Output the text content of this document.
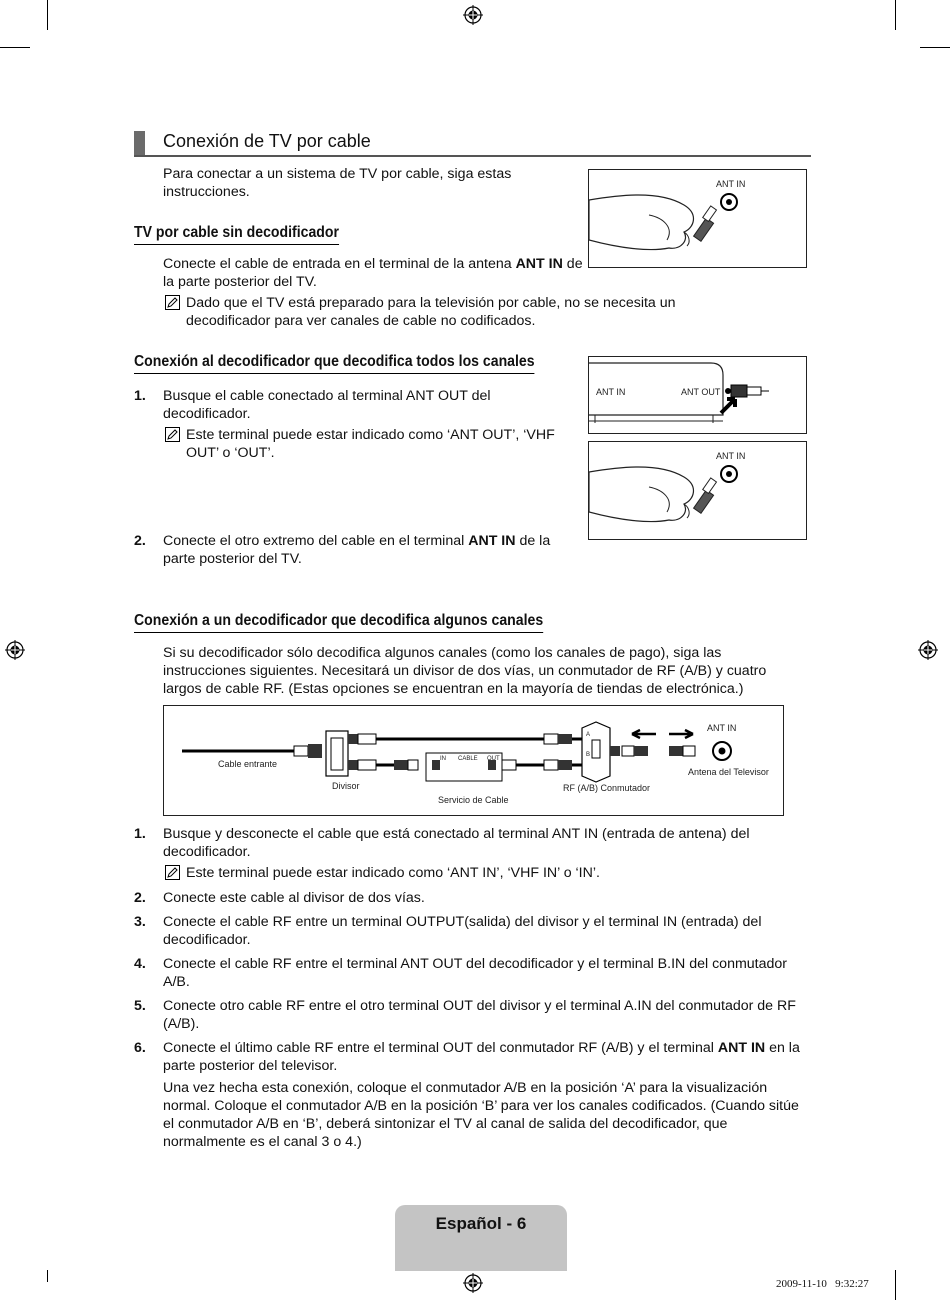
Conexión de TV por cable
Para conectar a un sistema de TV por cable, siga estas instrucciones.
TV por cable sin decodificador
Conecte el cable de entrada en el terminal de la antena ANT IN de la parte posterior del TV.
Dado que el TV está preparado para la televisión por cable, no se necesita un decodificador para ver canales de cable no codificados.
ANT IN
Conexión al decodificador que decodifica todos los canales
1. Busque el cable conectado al terminal ANT OUT del decodificador.
Este terminal puede estar indicado como ‘ANT OUT’, ‘VHF OUT’ o ‘OUT’.
2. Conecte el otro extremo del cable en el terminal ANT IN de la parte posterior del TV.
ANT IN	ANT OUT
ANT IN
Conexión a un decodificador que decodifica algunos canales
Si su decodificador sólo decodifica algunos canales (como los canales de pago), siga las instrucciones siguientes. Necesitará un divisor de dos vías, un conmutador de RF (A/B) y cuatro largos de cable RF. (Estas opciones se encuentran en la mayoría de tiendas de electrónica.)
Cable entrante
Divisor
IN CABLE OUT
Servicio de Cable
A
B
RF (A/B) Conmutador
ANT IN
Antena del Televisor
1. Busque y desconecte el cable que está conectado al terminal ANT IN (entrada de antena) del decodificador.
Este terminal puede estar indicado como ‘ANT IN’, ‘VHF IN’ o ‘IN’.
2. Conecte este cable al divisor de dos vías.
3. Conecte el cable RF entre un terminal OUTPUT(salida) del divisor y el terminal IN (entrada) del decodificador.
4. Conecte el cable RF entre el terminal ANT OUT del decodificador y el terminal B.IN del conmutador A/B.
5. Conecte otro cable RF entre el otro terminal OUT del divisor y el terminal A.IN del conmutador de RF (A/B).
6. Conecte el último cable RF entre el terminal OUT del conmutador RF (A/B) y el terminal ANT IN en la parte posterior del televisor.
Una vez hecha esta conexión, coloque el conmutador A/B en la posición ‘A’ para la visualización normal. Coloque el conmutador A/B en la posición ‘B’ para ver los canales codificados. (Cuando sitúe el conmutador A/B en ‘B’, deberá sintonizar el TV al canal de salida del decodificador, que normalmente es el canal 3 o 4.)
Español - 6
2009-11-10   9:32:27
